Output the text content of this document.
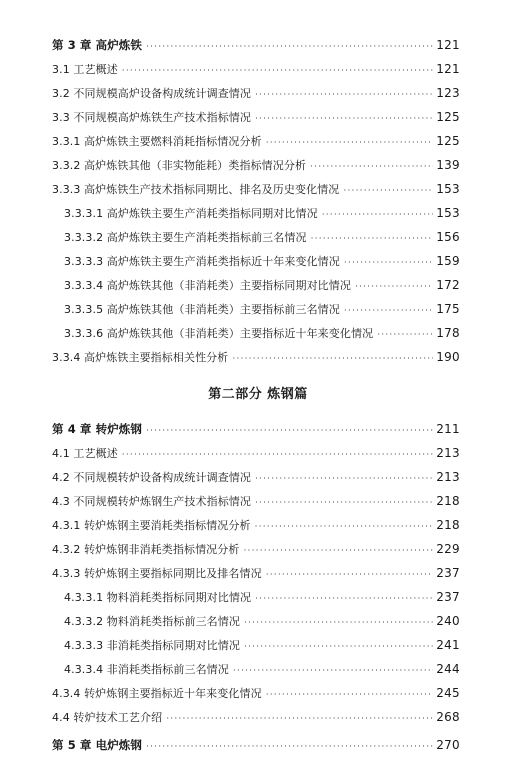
第 3 章 高炉炼铁 ·····	121
3.1 工艺概述 ·····	121
3.2 不同规模高炉设备构成统计调查情况 ·····	123
3.3 不同规模高炉炼铁生产技术指标情况 ·····	125
3.3.1 高炉炼铁主要燃料消耗指标情况分析 ·····	125
3.3.2 高炉炼铁其他（非实物能耗）类指标情况分析 ·····	139
3.3.3 高炉炼铁生产技术指标同期比、排名及历史变化情况 ·····	153
3.3.3.1 高炉炼铁主要生产消耗类指标同期对比情况 ·····	153
3.3.3.2 高炉炼铁主要生产消耗类指标前三名情况 ·····	156
3.3.3.3 高炉炼铁主要生产消耗类指标近十年来变化情况 ·····	159
3.3.3.4 高炉炼铁其他（非消耗类）主要指标同期对比情况 ·····	172
3.3.3.5 高炉炼铁其他（非消耗类）主要指标前三名情况 ·····	175
3.3.3.6 高炉炼铁其他（非消耗类）主要指标近十年来变化情况 ·····	178
3.3.4 高炉炼铁主要指标相关性分析 ·····	190
第二部分 炼钢篇
第 4 章 转炉炼钢 ·····	211
4.1 工艺概述 ·····	213
4.2 不同规模转炉设备构成统计调查情况 ·····	213
4.3 不同规模转炉炼钢生产技术指标情况 ·····	218
4.3.1 转炉炼钢主要消耗类指标情况分析 ·····	218
4.3.2 转炉炼钢非消耗类指标情况分析 ·····	229
4.3.3 转炉炼钢主要指标同期比及排名情况 ·····	237
4.3.3.1 物料消耗类指标同期对比情况 ·····	237
4.3.3.2 物料消耗类指标前三名情况 ·····	240
4.3.3.3 非消耗类指标同期对比情况 ·····	241
4.3.3.4 非消耗类指标前三名情况 ·····	244
4.3.4 转炉炼钢主要指标近十年来变化情况 ·····	245
4.4 转炉技术工艺介绍 ·····	268
第 5 章 电炉炼钢 ·····	270
